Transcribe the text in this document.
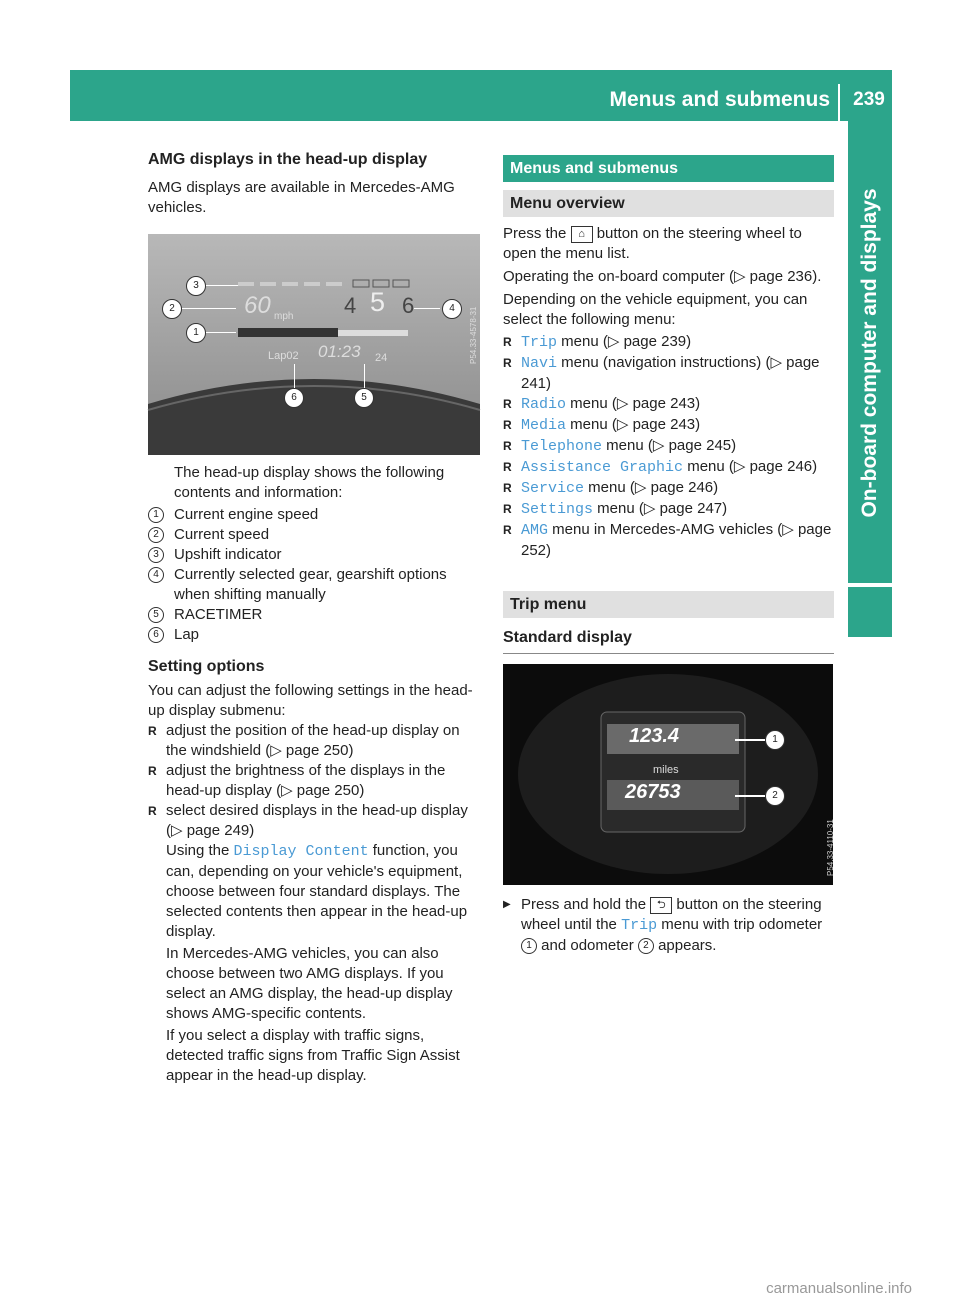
Menus and submenus	239
On-board computer and displays
AMG displays in the head-up display

AMG displays are available in Mercedes-AMG vehicles.

60 mph 4 5 6
Lap02 01:23 24	P54.33-4578-31
3
2
1
4
6	5

The head-up display shows the following contents and information:

1	Current engine speed
2	Current speed
3	Upshift indicator
4	Currently selected gear, gearshift options when shifting manually
5	RACETIMER
6	Lap
Setting options

You can adjust the following settings in the head-up display submenu:

R adjust the position of the head-up display on the windshield (▷ page 250)
R adjust the brightness of the displays in the head-up display (▷ page 250)
R select desired displays in the head-up display (▷ page 249)

Using the Display Content function, you can, depending on your vehicle's equipment, choose between four standard displays. The selected contents then appear in the head-up display.

In Mercedes-AMG vehicles, you can also choose between two AMG displays. If you select an AMG display, the head-up display shows AMG-specific contents.

If you select a display with traffic signs, detected traffic signs from Traffic Sign Assist appear in the head-up display.

Menus and submenus
Menu overview

Press the ⌂ button on the steering wheel to open the menu list.

Operating the on-board computer (▷ page 236).

Depending on the vehicle equipment, you can select the following menu:

R Trip menu (▷ page 239)
R Navi menu (navigation instructions) (▷ page 241)
R Radio menu (▷ page 243)
R Media menu (▷ page 243)
R Telephone menu (▷ page 245)
R Assistance Graphic menu (▷ page 246)
R Service menu (▷ page 246)
R Settings menu (▷ page 247)
R AMG menu in Mercedes-AMG vehicles (▷ page 252)
Trip menu
Standard display
123.4
miles
26753
1
2
P54.33-4110-31

▶ Press and hold the ⮌ button on the steering wheel until the Trip menu with trip odometer 1 and odometer 2 appears.

carmanualsonline.info
